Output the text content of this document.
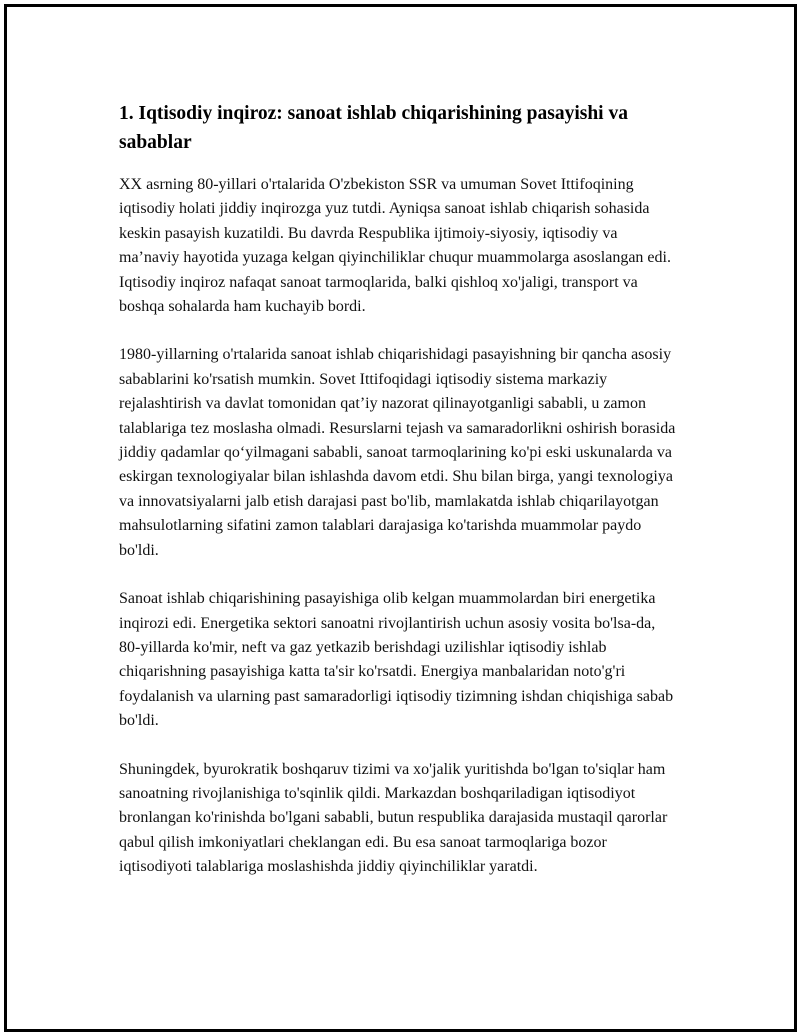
1. Iqtisodiy inqiroz: sanoat ishlab chiqarishining pasayishi va sabablar

XX asrning 80-yillari o'rtalarida O'zbekiston SSR va umuman Sovet Ittifoqining iqtisodiy holati jiddiy inqirozga yuz tutdi. Ayniqsa sanoat ishlab chiqarish sohasida keskin pasayish kuzatildi. Bu davrda Respublika ijtimoiy-siyosiy, iqtisodiy va ma’naviy hayotida yuzaga kelgan qiyinchiliklar chuqur muammolarga asoslangan edi. Iqtisodiy inqiroz nafaqat sanoat tarmoqlarida, balki qishloq xo'jaligi, transport va boshqa sohalarda ham kuchayib bordi.

1980-yillarning o'rtalarida sanoat ishlab chiqarishidagi pasayishning bir qancha asosiy sabablarini ko'rsatish mumkin. Sovet Ittifoqidagi iqtisodiy sistema markaziy rejalashtirish va davlat tomonidan qat’iy nazorat qilinayotganligi sababli, u zamon talablariga tez moslasha olmadi. Resurslarni tejash va samaradorlikni oshirish borasida jiddiy qadamlar qo‘yilmagani sababli, sanoat tarmoqlarining ko'pi eski uskunalarda va eskirgan texnologiyalar bilan ishlashda davom etdi. Shu bilan birga, yangi texnologiya va innovatsiyalarni jalb etish darajasi past bo'lib, mamlakatda ishlab chiqarilayotgan mahsulotlarning sifatini zamon talablari darajasiga ko'tarishda muammolar paydo bo'ldi.

Sanoat ishlab chiqarishining pasayishiga olib kelgan muammolardan biri energetika inqirozi edi. Energetika sektori sanoatni rivojlantirish uchun asosiy vosita bo'lsa-da, 80-yillarda ko'mir, neft va gaz yetkazib berishdagi uzilishlar iqtisodiy ishlab chiqarishning pasayishiga katta ta'sir ko'rsatdi. Energiya manbalaridan noto'g'ri foydalanish va ularning past samaradorligi iqtisodiy tizimning ishdan chiqishiga sabab bo'ldi.

Shuningdek, byurokratik boshqaruv tizimi va xo'jalik yuritishda bo'lgan to'siqlar ham sanoatning rivojlanishiga to'sqinlik qildi. Markazdan boshqariladigan iqtisodiyot bronlangan ko'rinishda bo'lgani sababli, butun respublika darajasida mustaqil qarorlar qabul qilish imkoniyatlari cheklangan edi. Bu esa sanoat tarmoqlariga bozor iqtisodiyoti talablariga moslashishda jiddiy qiyinchiliklar yaratdi.
